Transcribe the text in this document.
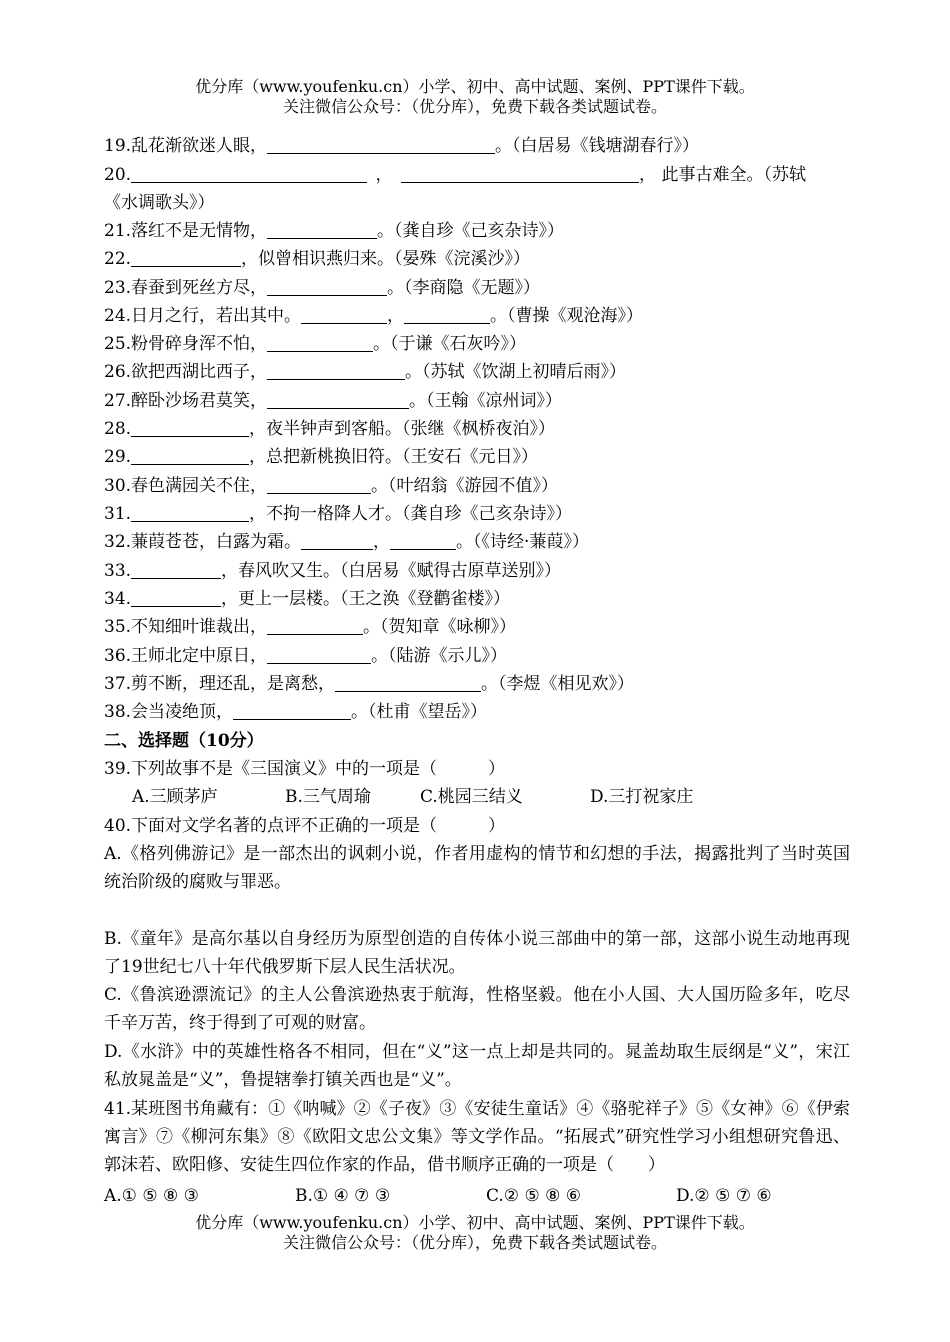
优分库（www.youfenku.cn）小学、初中、高中试题、案例、PPT课件下载。
关注微信公众号：（优分库），免费下载各类试题试卷。
19.乱花渐欲迷人眼，	。（白居易《钱塘湖春行》）
20.	，	， 此事古难全。（苏轼
《水调歌头》）
21.落红不是无情物，	。（龚自珍《己亥杂诗》）
22.	，似曾相识燕归来。（晏殊《浣溪沙》）
23.春蚕到死丝方尽，	。（李商隐《无题》）
24.日月之行，若出其中。	，	。（曹操《观沧海》）
25.粉骨碎身浑不怕，	。（于谦《石灰吟》）
26.欲把西湖比西子，	。（苏轼《饮湖上初晴后雨》）
27.醉卧沙场君莫笑，	。（王翰《凉州词》）
28.	，夜半钟声到客船。（张继《枫桥夜泊》）
29.	，总把新桃换旧符。（王安石《元日》）
30.春色满园关不住，	。（叶绍翁《游园不值》）
31.	，不拘一格降人才。（龚自珍《己亥杂诗》）
32.蒹葭苍苍，白露为霜。	，	。（《诗经·蒹葭》）
33.	，春风吹又生。（白居易《赋得古原草送别》）
34.	，更上一层楼。（王之涣《登鹳雀楼》）
35.不知细叶谁裁出，	。（贺知章《咏柳》）
36.王师北定中原日，	。（陆游《示儿》）
37.剪不断，理还乱，是离愁，	。（李煜《相见欢》）
38.会当凌绝顶，	。（杜甫《望岳》）
二、选择题（10分）
39.下列故事不是《三国演义》中的一项是（　　　）
A.三顾茅庐	B.三气周瑜	C.桃园三结义	D.三打祝家庄
40.下面对文学名著的点评不正确的一项是（　　　）
A.《格列佛游记》是一部杰出的讽刺小说，作者用虚构的情节和幻想的手法，揭露批判了当时英国统治阶级的腐败与罪恶。
B.《童年》是高尔基以自身经历为原型创造的自传体小说三部曲中的第一部，这部小说生动地再现了19世纪七八十年代俄罗斯下层人民生活状况。
C.《鲁滨逊漂流记》的主人公鲁滨逊热衷于航海，性格坚毅。他在小人国、大人国历险多年，吃尽千辛万苦，终于得到了可观的财富。
D.《水浒》中的英雄性格各不相同，但在“义”这一点上却是共同的。晁盖劫取生辰纲是“义”，宋江私放晁盖是“义”，鲁提辖拳打镇关西也是“义”。
41.某班图书角藏有：①《呐喊》②《子夜》③《安徒生童话》④《骆驼祥子》⑤《女神》⑥《伊索寓言》⑦《柳河东集》⑧《欧阳文忠公文集》等文学作品。“拓展式”研究性学习小组想研究鲁迅、郭沫若、欧阳修、安徒生四位作家的作品，借书顺序正确的一项是（　　）
A.① ⑤ ⑧ ③	B.① ④ ⑦ ③	C.② ⑤ ⑧ ⑥	D.② ⑤ ⑦ ⑥
优分库（www.youfenku.cn）小学、初中、高中试题、案例、PPT课件下载。
关注微信公众号：（优分库），免费下载各类试题试卷。
